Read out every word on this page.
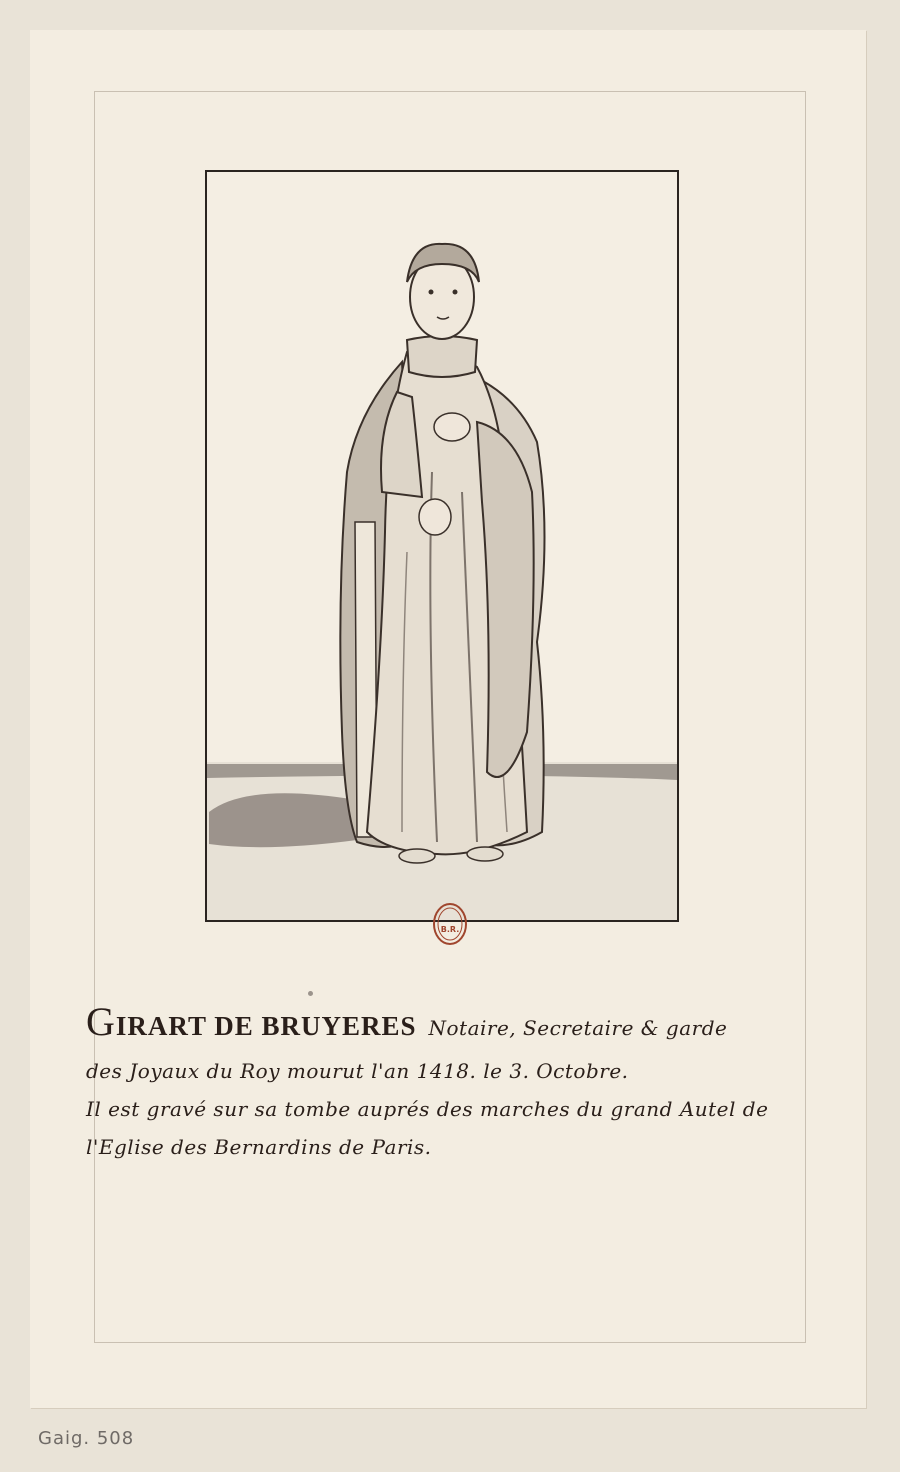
B.R.
GIRART DE BRUYERES Notaire, Secretaire & garde
des Joyaux du Roy mourut l'an 1418. le 3. Octobre.
Il est gravé sur sa tombe auprés des marches du grand Autel de
l'Eglise des Bernardins de Paris.
Gaig. 508
